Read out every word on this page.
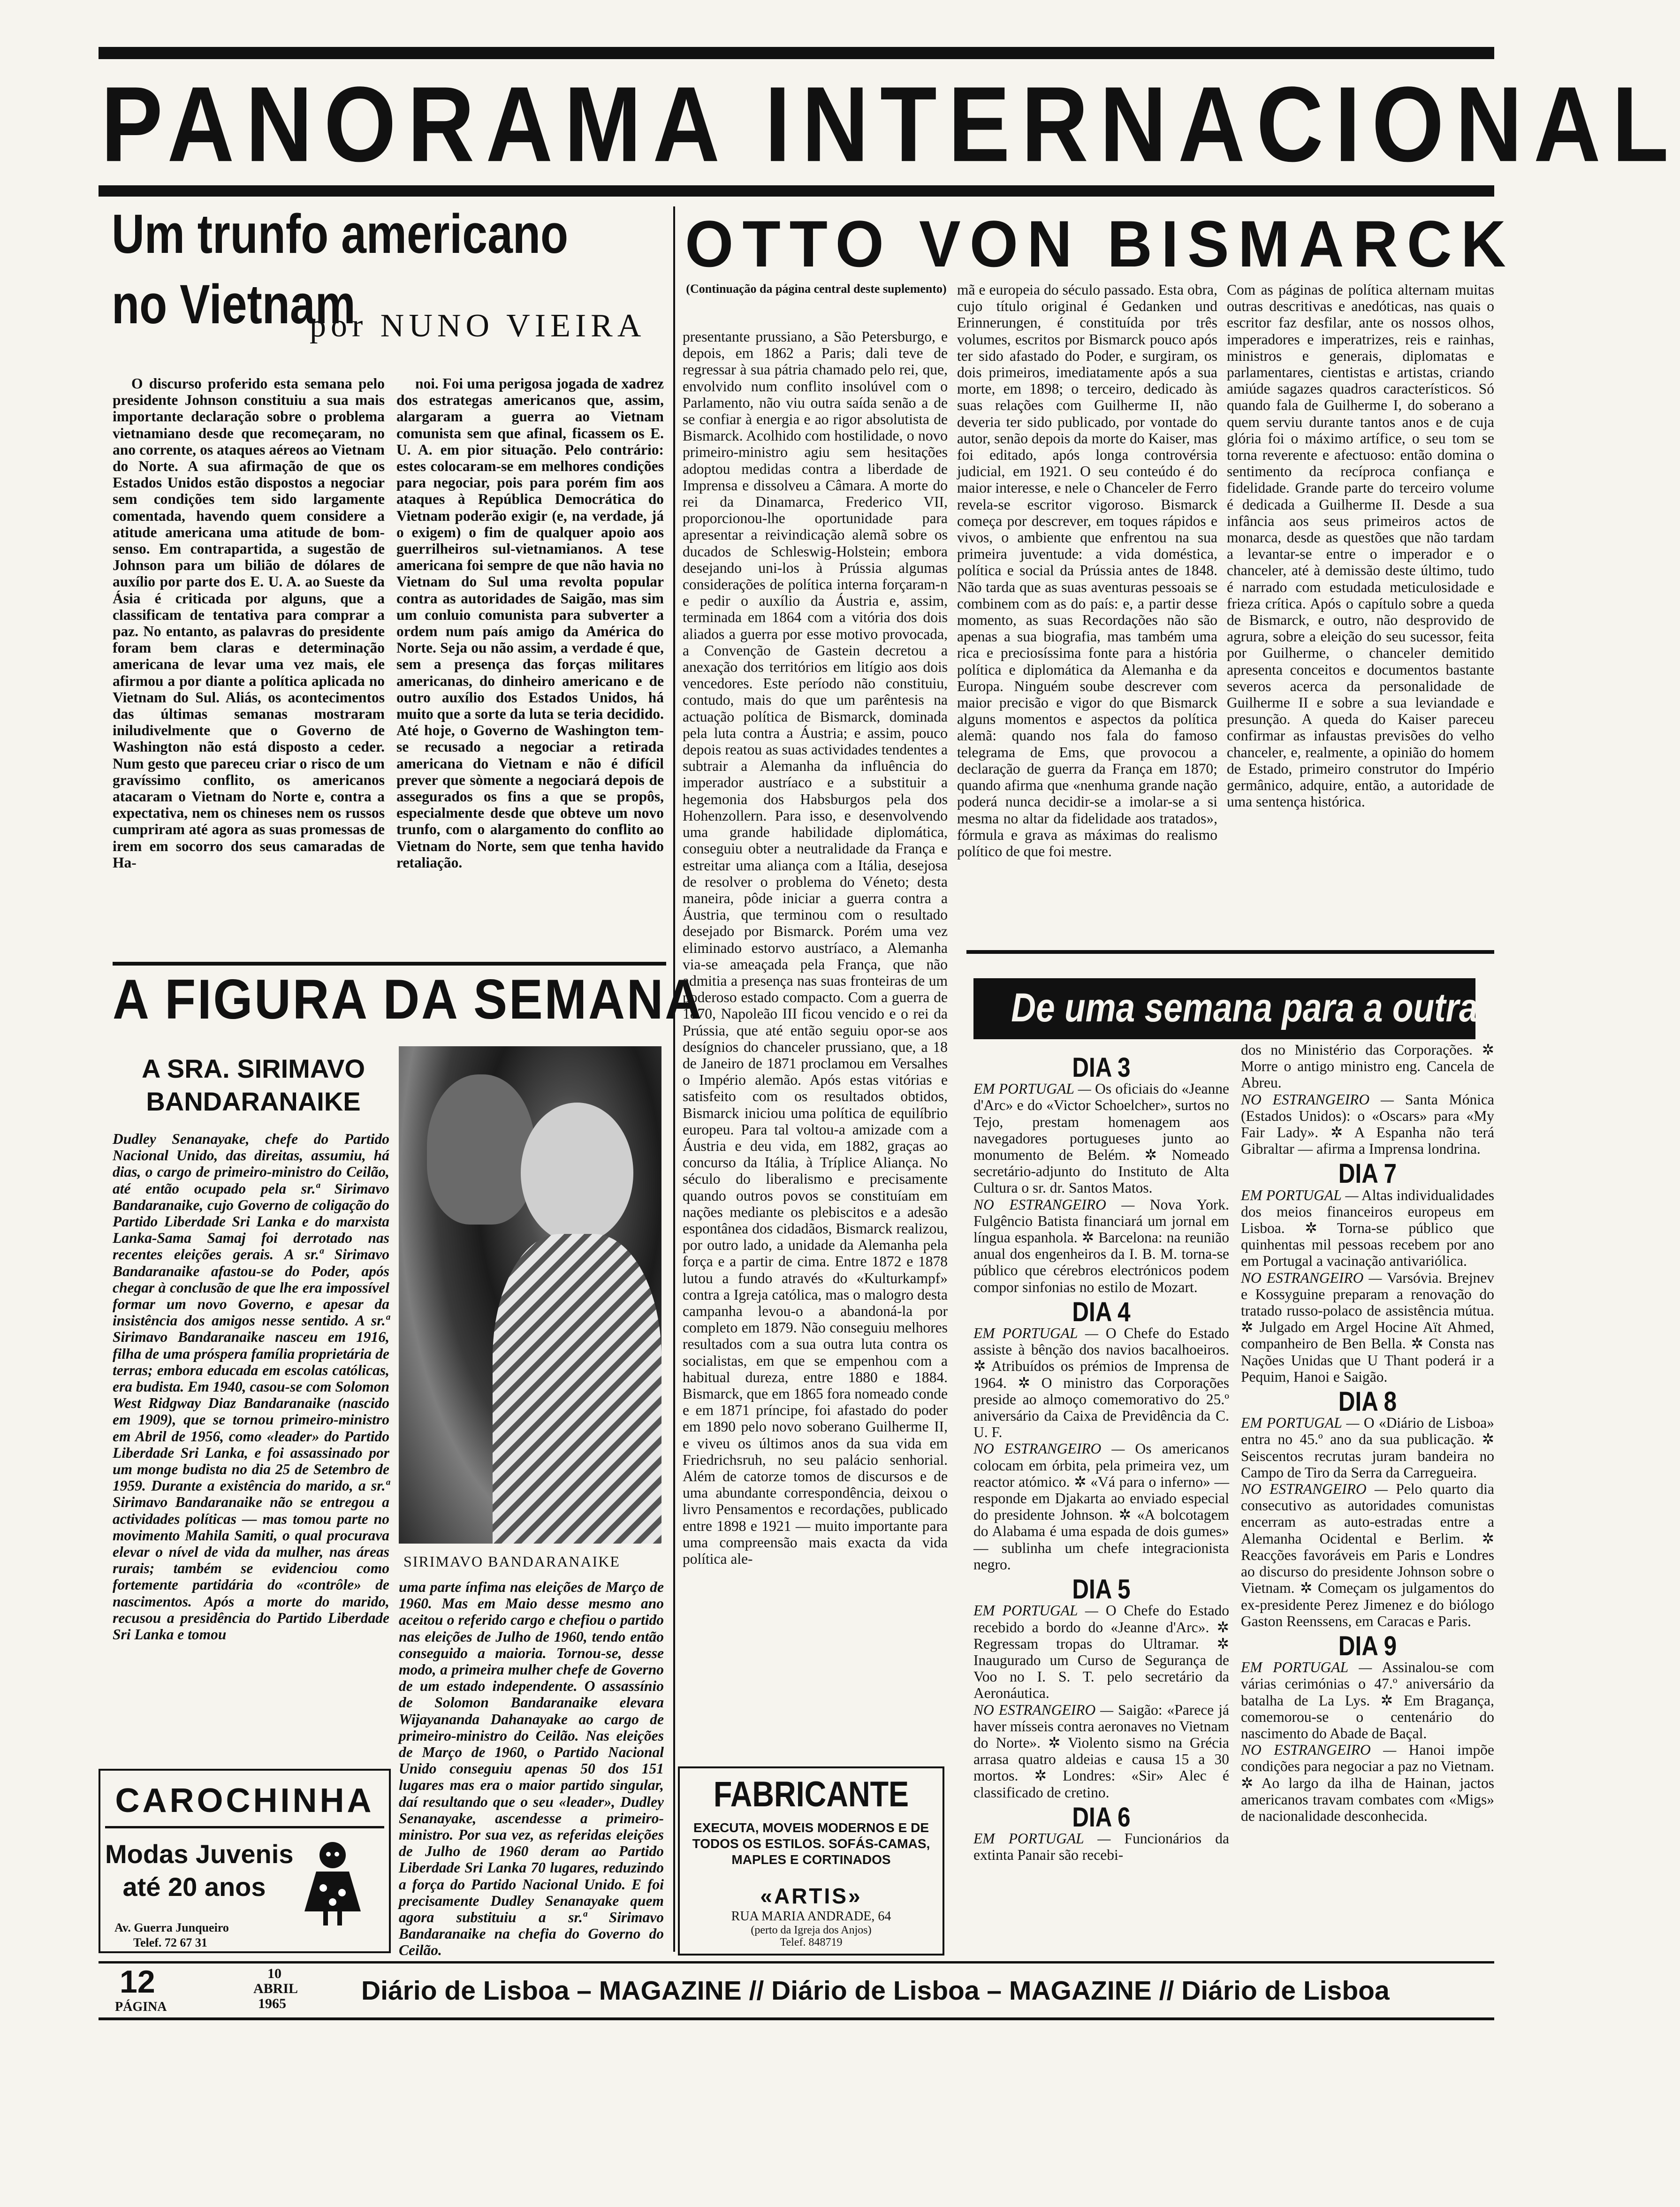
PANORAMA INTERNACIONAL
Um trunfo americano
no Vietnam
por NUNO VIEIRA

O discurso proferido esta semana pelo presidente Johnson constituiu a sua mais importante declaração sobre o problema vietnamiano desde que recomeçaram, no ano corrente, os ataques aéreos ao Vietnam do Norte. A sua afirmação de que os Estados Unidos estão dispostos a negociar sem condições tem sido largamente comentada, havendo quem considere a atitude americana uma atitude de bom-senso. Em contrapartida, a sugestão de Johnson para um bilião de dólares de auxílio por parte dos E. U. A. ao Sueste da Ásia é criticada por alguns, que a classificam de tentativa para comprar a paz. No entanto, as palavras do presidente foram bem claras e determinação americana de levar uma vez mais, ele afirmou a por diante a política aplicada no Vietnam do Sul. Aliás, os acontecimentos das últimas semanas mostraram iniludivelmente que o Governo de Washington não está disposto a ceder. Num gesto que pareceu criar o risco de um gravíssimo conflito, os americanos atacaram o Vietnam do Norte e, contra a expectativa, nem os chineses nem os russos cumpriram até agora as suas promessas de irem em socorro dos seus camaradas de Ha-

noi. Foi uma perigosa jogada de xadrez dos estrategas americanos que, assim, alargaram a guerra ao Vietnam comunista sem que afinal, ficassem os E. U. A. em pior situação. Pelo contrário: estes colocaram-se em melhores condições para negociar, pois para porém fim aos ataques à República Democrática do Vietnam poderão exigir (e, na verdade, já o exigem) o fim de qualquer apoio aos guerrilheiros sul-vietnamianos. A tese americana foi sempre de que não havia no Vietnam do Sul uma revolta popular contra as autoridades de Saigão, mas sim um conluio comunista para subverter a ordem num país amigo da América do Norte. Seja ou não assim, a verdade é que, sem a presença das forças militares americanas, do dinheiro americano e de outro auxílio dos Estados Unidos, há muito que a sorte da luta se teria decidido. Até hoje, o Governo de Washington tem-se recusado a negociar a retirada americana do Vietnam e não é difícil prever que sòmente a negociará depois de assegurados os fins a que se propôs, especialmente desde que obteve um novo trunfo, com o alargamento do conflito ao Vietnam do Norte, sem que tenha havido retaliação.

OTTO VON BISMARCK
(Continuação da página central deste suplemento)

presentante prussiano, a São Petersburgo, e depois, em 1862 a Paris; dali teve de regressar à sua pátria chamado pelo rei, que, envolvido num conflito insolúvel com o Parlamento, não viu outra saída senão a de se confiar à energia e ao rigor absolutista de Bismarck. Acolhido com hostilidade, o novo primeiro-ministro agiu sem hesitações adoptou medidas contra a liberdade de Imprensa e dissolveu a Câmara. A morte do rei da Dinamarca, Frederico VII, proporcionou-lhe oportunidade para apresentar a reivindicação alemã sobre os ducados de Schleswig-Holstein; embora desejando uni-los à Prússia algumas considerações de política interna forçaram-n e pedir o auxílio da Áustria e, assim, terminada em 1864 com a vitória dos dois aliados a guerra por esse motivo provocada, a Convenção de Gastein decretou a anexação dos territórios em litígio aos dois vencedores. Este período não constituiu, contudo, mais do que um parêntesis na actuação política de Bismarck, dominada pela luta contra a Áustria; e assim, pouco depois reatou as suas actividades tendentes a subtrair a Alemanha da influência do imperador austríaco e a substituir a hegemonia dos Habsburgos pela dos Hohenzollern. Para isso, e desenvolvendo uma grande habilidade diplomática, conseguiu obter a neutralidade da França e estreitar uma aliança com a Itália, desejosa de resolver o problema do Véneto; desta maneira, pôde iniciar a guerra contra a Áustria, que terminou com o resultado desejado por Bismarck. Porém uma vez eliminado estorvo austríaco, a Alemanha via-se ameaçada pela França, que não admitia a presença nas suas fronteiras de um poderoso estado compacto. Com a guerra de 1870, Napoleão III ficou vencido e o rei da Prússia, que até então seguiu opor-se aos desígnios do chanceler prussiano, que, a 18 de Janeiro de 1871 proclamou em Versalhes o Império alemão. Após estas vitórias e satisfeito com os resultados obtidos, Bismarck iniciou uma política de equilíbrio europeu. Para tal voltou-a amizade com a Áustria e deu vida, em 1882, graças ao concurso da Itália, à Tríplice Aliança. No século do liberalismo e precisamente quando outros povos se constituíam em nações mediante os plebiscitos e a adesão espontânea dos cidadãos, Bismarck realizou, por outro lado, a unidade da Alemanha pela força e a partir de cima. Entre 1872 e 1878 lutou a fundo através do «Kulturkampf» contra a Igreja católica, mas o malogro desta campanha levou-o a abandoná-la por completo em 1879. Não conseguiu melhores resultados com a sua outra luta contra os socialistas, em que se empenhou com a habitual dureza, entre 1880 e 1884. Bismarck, que em 1865 fora nomeado conde e em 1871 príncipe, foi afastado do poder em 1890 pelo novo soberano Guilherme II, e viveu os últimos anos da sua vida em Friedrichsruh, no seu palácio senhorial. Além de catorze tomos de discursos e de uma abundante correspondência, deixou o livro Pensamentos e recordações, publicado entre 1898 e 1921 — muito importante para uma compreensão mais exacta da vida política ale-

mã e europeia do século passado. Esta obra, cujo título original é Gedanken und Erinnerungen, é constituída por três volumes, escritos por Bismarck pouco após ter sido afastado do Poder, e surgiram, os dois primeiros, imediatamente após a sua morte, em 1898; o terceiro, dedicado às suas relações com Guilherme II, não deveria ter sido publicado, por vontade do autor, senão depois da morte do Kaiser, mas foi editado, após longa controvérsia judicial, em 1921. O seu conteúdo é do maior interesse, e nele o Chanceler de Ferro revela-se escritor vigoroso. Bismarck começa por descrever, em toques rápidos e vivos, o ambiente que enfrentou na sua primeira juventude: a vida doméstica, política e social da Prússia antes de 1848. Não tarda que as suas aventuras pessoais se combinem com as do país: e, a partir desse momento, as suas Recordações não são apenas a sua biografia, mas também uma rica e preciosíssima fonte para a história política e diplomática da Alemanha e da Europa. Ninguém soube descrever com maior precisão e vigor do que Bismarck alguns momentos e aspectos da política alemã: quando nos fala do famoso telegrama de Ems, que provocou a declaração de guerra da França em 1870; quando afirma que «nenhuma grande nação poderá nunca decidir-se a imolar-se a si mesma no altar da fidelidade aos tratados», fórmula e grava as máximas do realismo político de que foi mestre.

Com as páginas de política alternam muitas outras descritivas e anedóticas, nas quais o escritor faz desfilar, ante os nossos olhos, imperadores e imperatrizes, reis e rainhas, ministros e generais, diplomatas e parlamentares, cientistas e artistas, criando amiúde sagazes quadros característicos. Só quando fala de Guilherme I, do soberano a quem serviu durante tantos anos e de cuja glória foi o máximo artífice, o seu tom se torna reverente e afectuoso: então domina o sentimento da recíproca confiança e fidelidade. Grande parte do terceiro volume é dedicada a Guilherme II. Desde a sua infância aos seus primeiros actos de monarca, desde as questões que não tardam a levantar-se entre o imperador e o chanceler, até à demissão deste último, tudo é narrado com estudada meticulosidade e frieza crítica. Após o capítulo sobre a queda de Bismarck, e outro, não desprovido de agrura, sobre a eleição do seu sucessor, feita por Guilherme, o chanceler demitido apresenta conceitos e documentos bastante severos acerca da personalidade de Guilherme II e sobre a sua leviandade e presunção. A queda do Kaiser pareceu confirmar as infaustas previsões do velho chanceler, e, realmente, a opinião do homem de Estado, primeiro construtor do Império germânico, adquire, então, a autoridade de uma sentença histórica.

A FIGURA DA SEMANA
A SRA. SIRIMAVO
BANDARANAIKE

Dudley Senanayake, chefe do Partido Nacional Unido, das direitas, assumiu, há dias, o cargo de primeiro-ministro do Ceilão, até então ocupado pela sr.ª Sirimavo Bandaranaike, cujo Governo de coligação do Partido Liberdade Sri Lanka e do marxista Lanka-Sama Samaj foi derrotado nas recentes eleições gerais. A sr.ª Sirimavo Bandaranaike afastou-se do Poder, após chegar à conclusão de que lhe era impossível formar um novo Governo, e apesar da insistência dos amigos nesse sentido. A sr.ª Sirimavo Bandaranaike nasceu em 1916, filha de uma próspera família proprietária de terras; embora educada em escolas católicas, era budista. Em 1940, casou-se com Solomon West Ridgway Diaz Bandaranaike (nascido em 1909), que se tornou primeiro-ministro em Abril de 1956, como «leader» do Partido Liberdade Sri Lanka, e foi assassinado por um monge budista no dia 25 de Setembro de 1959. Durante a existência do marido, a sr.ª Sirimavo Bandaranaike não se entregou a actividades políticas — mas tomou parte no movimento Mahila Samiti, o qual procurava elevar o nível de vida da mulher, nas áreas rurais; também se evidenciou como fortemente partidária do «contrôle» de nascimentos. Após a morte do marido, recusou a presidência do Partido Liberdade Sri Lanka e tomou

SIRIMAVO BANDARANAIKE

uma parte ínfima nas eleições de Março de 1960. Mas em Maio desse mesmo ano aceitou o referido cargo e chefiou o partido nas eleições de Julho de 1960, tendo então conseguido a maioria. Tornou-se, desse modo, a primeira mulher chefe de Governo de um estado independente. O assassínio de Solomon Bandaranaike elevara Wijayananda Dahanayake ao cargo de primeiro-ministro do Ceilão. Nas eleições de Março de 1960, o Partido Nacional Unido conseguiu apenas 50 dos 151 lugares mas era o maior partido singular, daí resultando que o seu «leader», Dudley Senanayake, ascendesse a primeiro-ministro. Por sua vez, as referidas eleições de Julho de 1960 deram ao Partido Liberdade Sri Lanka 70 lugares, reduzindo a força do Partido Nacional Unido. E foi precisamente Dudley Senanayake quem agora substituiu a sr.ª Sirimavo Bandaranaike na chefia do Governo do Ceilão.

CAROCHINHA
Modas Juvenis
até 20 anos
Av. Guerra Junqueiro
Telef. 72 67 31
FABRICANTE
EXECUTA, MOVEIS MODERNOS E DE TODOS OS ESTILOS. SOFÁS-CAMAS, MAPLES E CORTINADOS
«ARTIS»
RUA MARIA ANDRADE, 64
(perto da Igreja dos Anjos)
Telef. 848719
De uma semana para a outra
DIA 3

EM PORTUGAL — Os oficiais do «Jeanne d'Arc» e do «Victor Schoelcher», surtos no Tejo, prestam homenagem aos navegadores portugueses junto ao monumento de Belém. ✲ Nomeado secretário-adjunto do Instituto de Alta Cultura o sr. dr. Santos Matos.

NO ESTRANGEIRO — Nova York. Fulgêncio Batista financiará um jornal em língua espanhola. ✲ Barcelona: na reunião anual dos engenheiros da I. B. M. torna-se público que cérebros electrónicos podem compor sinfonias no estilo de Mozart.

DIA 4

EM PORTUGAL — O Chefe do Estado assiste à bênção dos navios bacalhoeiros. ✲ Atribuídos os prémios de Imprensa de 1964. ✲ O ministro das Corporações preside ao almoço comemorativo do 25.º aniversário da Caixa de Previdência da C. U. F.

NO ESTRANGEIRO — Os americanos colocam em órbita, pela primeira vez, um reactor atómico. ✲ «Vá para o inferno» — responde em Djakarta ao enviado especial do presidente Johnson. ✲ «A bolcotagem do Alabama é uma espada de dois gumes» — sublinha um chefe integracionista negro.

DIA 5

EM PORTUGAL — O Chefe do Estado recebido a bordo do «Jeanne d'Arc». ✲ Regressam tropas do Ultramar. ✲ Inaugurado um Curso de Segurança de Voo no I. S. T. pelo secretário da Aeronáutica.

NO ESTRANGEIRO — Saigão: «Parece já haver mísseis contra aeronaves no Vietnam do Norte». ✲ Violento sismo na Grécia arrasa quatro aldeias e causa 15 a 30 mortos. ✲ Londres: «Sir» Alec é classificado de cretino.

DIA 6

EM PORTUGAL — Funcionários da extinta Panair são recebi-

dos no Ministério das Corporações. ✲ Morre o antigo ministro eng. Cancela de Abreu.

NO ESTRANGEIRO — Santa Mónica (Estados Unidos): o «Oscars» para «My Fair Lady». ✲ A Espanha não terá Gibraltar — afirma a Imprensa londrina.

DIA 7

EM PORTUGAL — Altas individualidades dos meios financeiros europeus em Lisboa. ✲ Torna-se público que quinhentas mil pessoas recebem por ano em Portugal a vacinação antivariólica.

NO ESTRANGEIRO — Varsóvia. Brejnev e Kossyguine preparam a renovação do tratado russo-polaco de assistência mútua. ✲ Julgado em Argel Hocine Aït Ahmed, companheiro de Ben Bella. ✲ Consta nas Nações Unidas que U Thant poderá ir a Pequim, Hanoi e Saigão.

DIA 8

EM PORTUGAL — O «Diário de Lisboa» entra no 45.º ano da sua publicação. ✲ Seiscentos recrutas juram bandeira no Campo de Tiro da Serra da Carregueira.

NO ESTRANGEIRO — Pelo quarto dia consecutivo as autoridades comunistas encerram as auto-estradas entre a Alemanha Ocidental e Berlim. ✲ Reacções favoráveis em Paris e Londres ao discurso do presidente Johnson sobre o Vietnam. ✲ Começam os julgamentos do ex-presidente Perez Jimenez e do biólogo Gaston Reenssens, em Caracas e Paris.

DIA 9

EM PORTUGAL — Assinalou-se com várias cerimónias o 47.º aniversário da batalha de La Lys. ✲ Em Bragança, comemorou-se o centenário do nascimento do Abade de Baçal.

NO ESTRANGEIRO — Hanoi impõe condições para negociar a paz no Vietnam. ✲ Ao largo da ilha de Hainan, jactos americanos travam combates com «Migs» de nacionalidade desconhecida.

12
PÁGINA
10
ABRIL
1965	Diário de Lisboa – MAGAZINE // Diário de Lisboa – MAGAZINE // Diário de Lisboa
